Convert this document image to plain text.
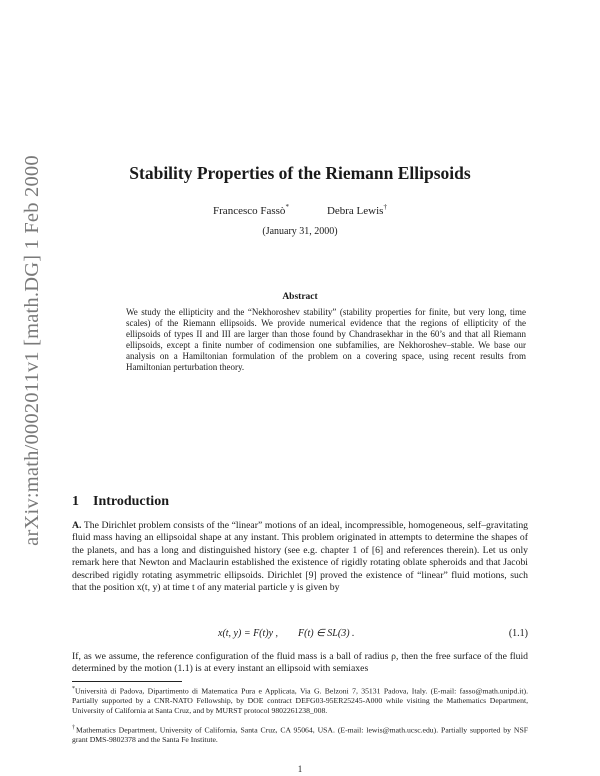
arXiv:math/0002011v1 [math.DG] 1 Feb 2000	Stability Properties of the Riemann Ellipsoids
Francesco Fassò*	Debra Lewis†
(January 31, 2000)
Abstract

We study the ellipticity and the “Nekhoroshev stability” (stability properties for finite, but very long, time scales) of the Riemann ellipsoids. We provide numerical evidence that the regions of ellipticity of the ellipsoids of types II and III are larger than those found by Chandrasekhar in the 60’s and that all Riemann ellipsoids, except a finite number of codimension one subfamilies, are Nekhoroshev–stable. We base our analysis on a Hamiltonian formulation of the problem on a covering space, using recent results from Hamiltonian perturbation theory.

1 Introduction

A. The Dirichlet problem consists of the “linear” motions of an ideal, incompressible, homogeneous, self–gravitating fluid mass having an ellipsoidal shape at any instant. This problem originated in attempts to determine the shapes of the planets, and has a long and distinguished history (see e.g. chapter 1 of [6] and references therein). Let us only remark here that Newton and Maclaurin established the existence of rigidly rotating oblate spheroids and that Jacobi described rigidly rotating asymmetric ellipsoids. Dirichlet [9] proved the existence of “linear” fluid motions, such that the position x(t, y) at time t of any material particle y is given by

x(t, y) = F(t)y ,        F(t) ∈ SL(3) .	(1.1)

If, as we assume, the reference configuration of the fluid mass is a ball of radius ρ, then the free surface of the fluid determined by the motion (1.1) is at every instant an ellipsoid with semiaxes

*Università di Padova, Dipartimento di Matematica Pura e Applicata, Via G. Belzoni 7, 35131 Padova, Italy. (E-mail: fasso@math.unipd.it). Partially supported by a CNR-NATO Fellowship, by DOE contract DEFG03-95ER25245-A000 while visiting the Mathematics Department, University of California at Santa Cruz, and by MURST protocol 9802261238_008.

†Mathematics Department, University of California, Santa Cruz, CA 95064, USA. (E-mail: lewis@math.ucsc.edu). Partially supported by NSF grant DMS-9802378 and the Santa Fe Institute.

1
